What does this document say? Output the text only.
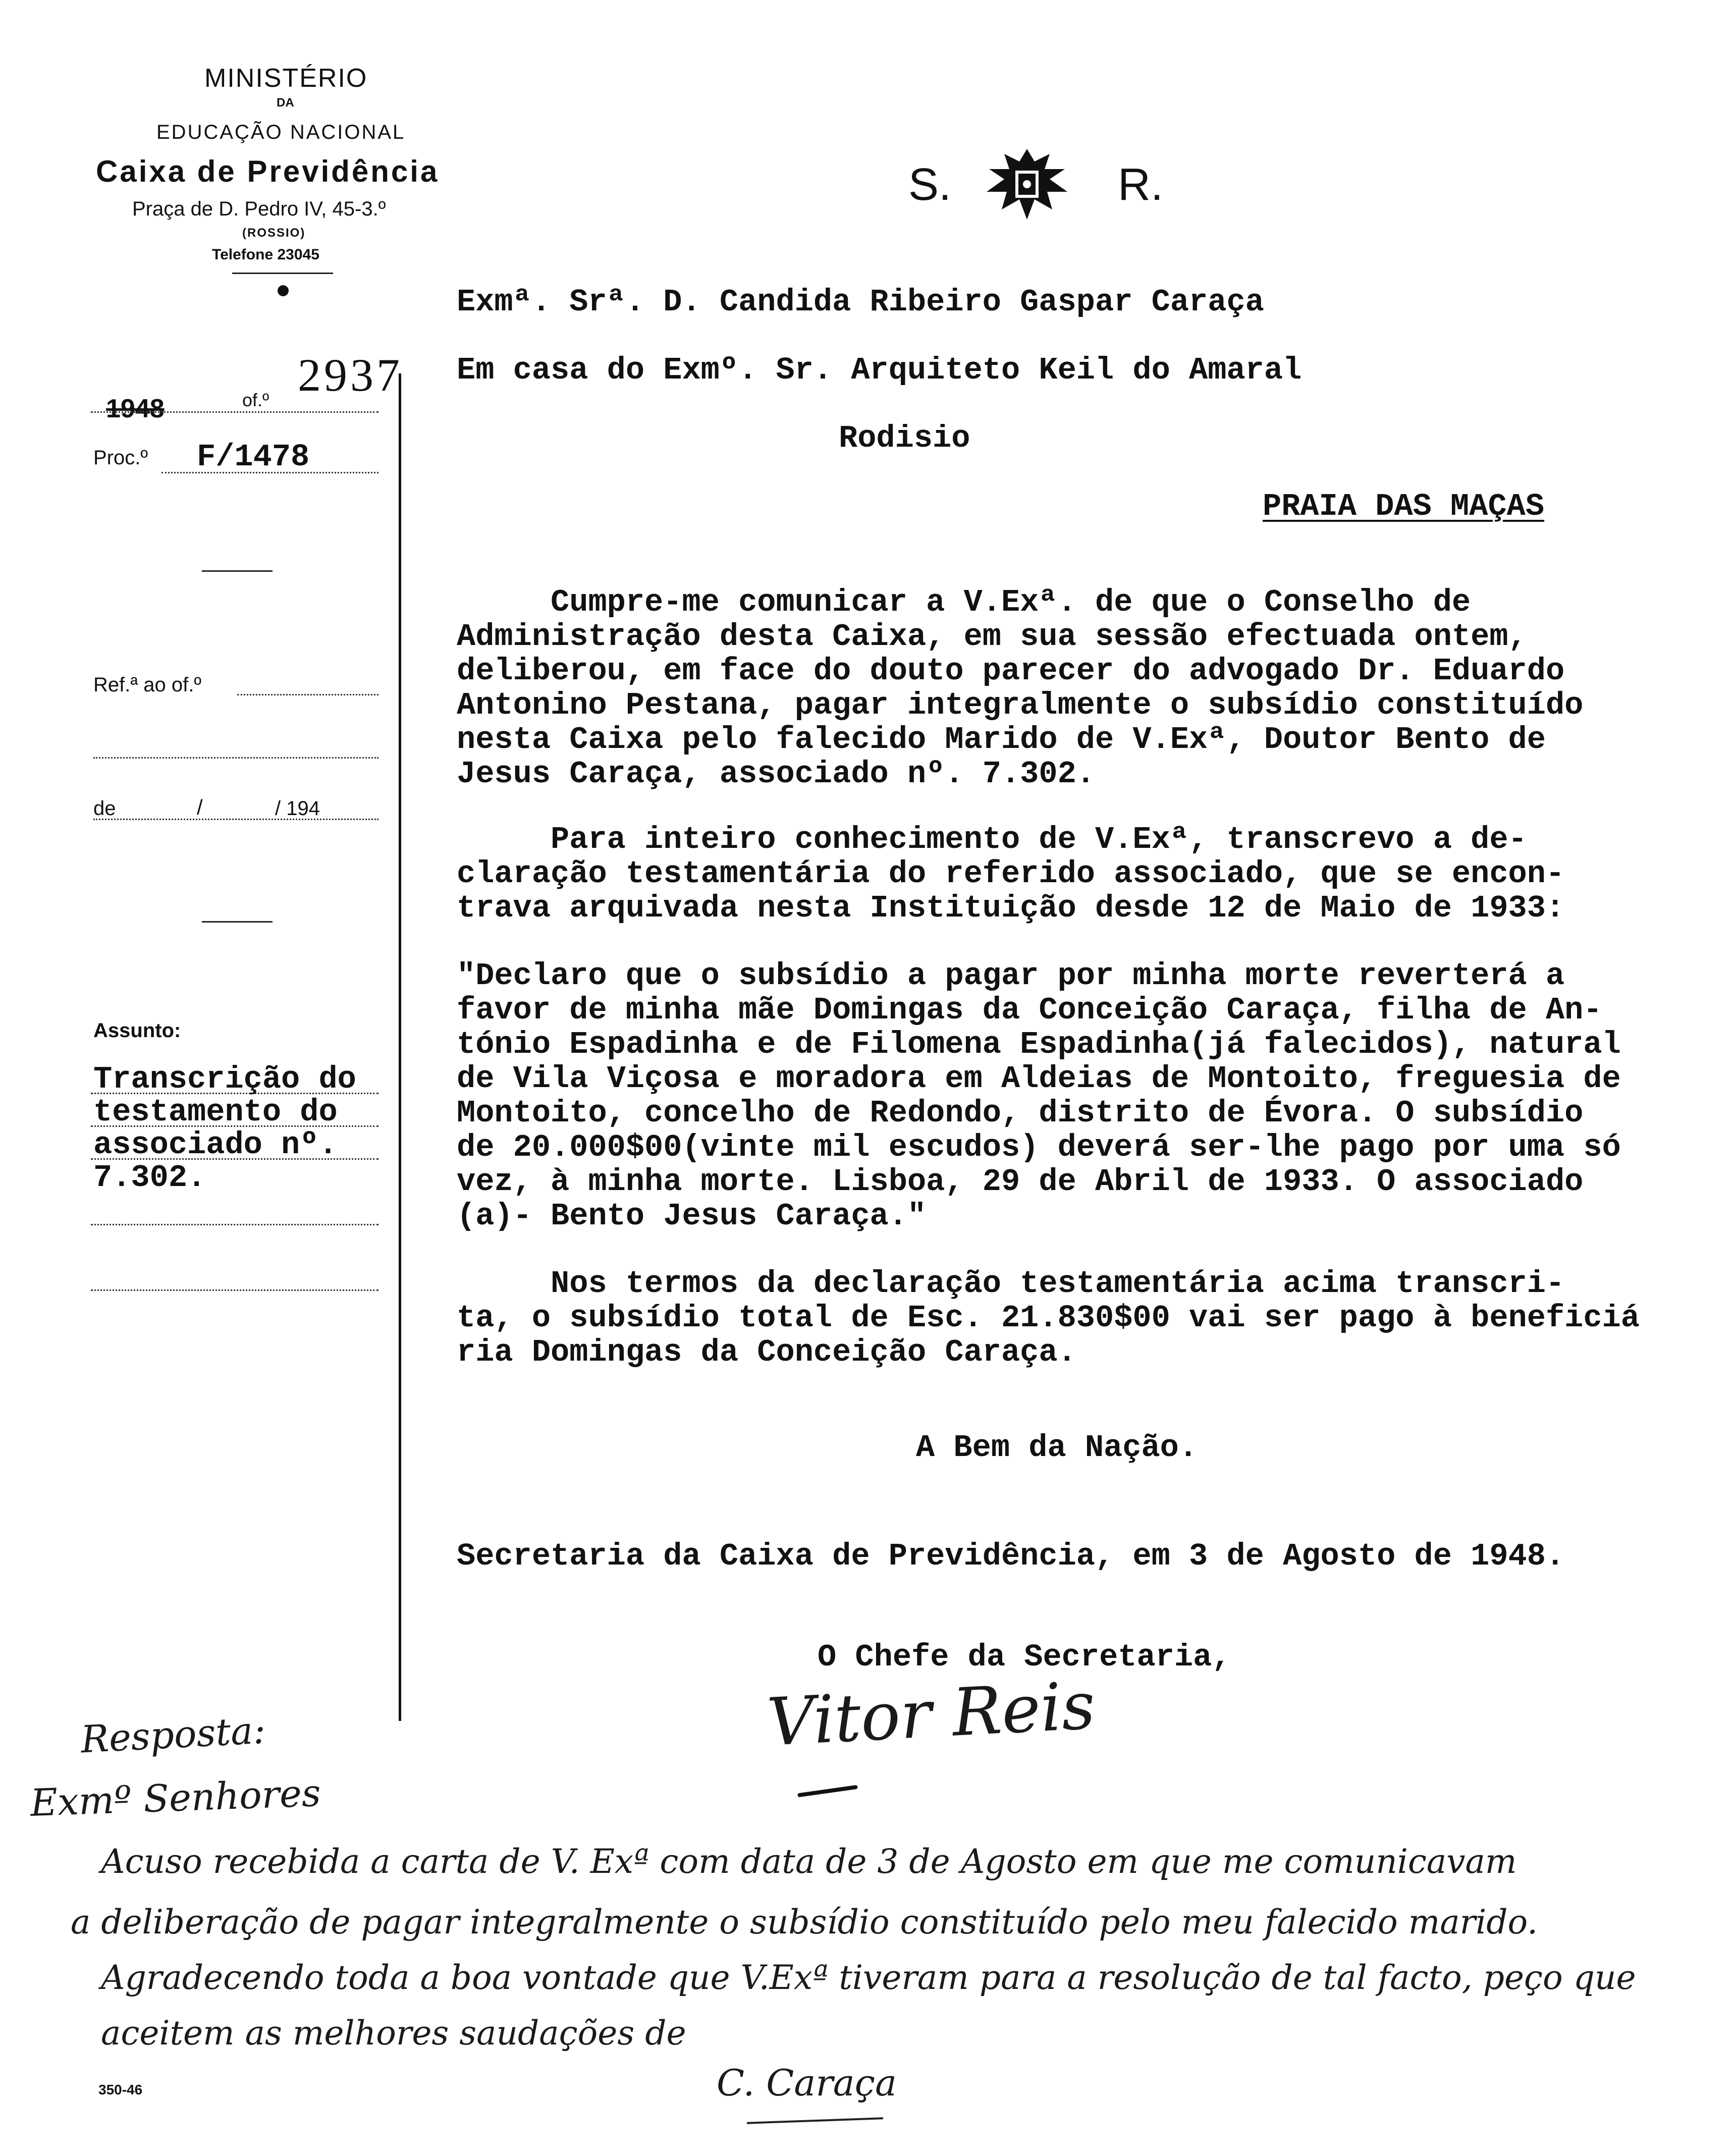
MINISTÉRIO
DA
EDUCAÇÃO NACIONAL
Caixa de Previdência
Praça de D. Pedro IV, 45-3.º
(ROSSIO)
Telefone 23045
S.	R.
1948	of.º 2937
Proc.º F/1478
Ref.ª ao of.º
de	/	/ 194
Assunto:
Transcrição do
testamento do
associado nº.
7.302.
Exmª. Srª. D. Candida Ribeiro Gaspar Caraça
Em casa do Exmº. Sr. Arquiteto Keil do Amaral
Rodisio
PRAIA DAS MAÇAS
Cumpre-me comunicar a V.Exª. de que o Conselho de
Administração desta Caixa, em sua sessão efectuada ontem,
deliberou, em face do douto parecer do advogado Dr. Eduardo
Antonino Pestana, pagar integralmente o subsídio constituído
nesta Caixa pelo falecido Marido de V.Exª, Doutor Bento de
Jesus Caraça, associado nº. 7.302.
Para inteiro conhecimento de V.Exª, transcrevo a de-
claração testamentária do referido associado, que se encon-
trava arquivada nesta Instituição desde 12 de Maio de 1933:
"Declaro que o subsídio a pagar por minha morte reverterá a
favor de minha mãe Domingas da Conceição Caraça, filha de An-
tónio Espadinha e de Filomena Espadinha(já falecidos), natural
de Vila Viçosa e moradora em Aldeias de Montoito, freguesia de
Montoito, concelho de Redondo, distrito de Évora. O subsídio
de 20.000$00(vinte mil escudos) deverá ser-lhe pago por uma só
vez, à minha morte. Lisboa, 29 de Abril de 1933. O associado
(a)- Bento Jesus Caraça."
Nos termos da declaração testamentária acima transcri-
ta, o subsídio total de Esc. 21.830$00 vai ser pago à beneficiá
ria Domingas da Conceição Caraça.
A Bem da Nação.
Secretaria da Caixa de Previdência, em 3 de Agosto de 1948.
O Chefe da Secretaria,
Vitor Reis
Resposta:
Exmº Senhores
Acuso recebida a carta de V. Exª com data de 3 de Agosto em que me comunicavam
a deliberação de pagar integralmente o subsídio constituído pelo meu falecido marido.
Agradecendo toda a boa vontade que V.Exª tiveram para a resolução de tal facto, peço que
aceitem as melhores saudações de
C. Caraça
350-46
